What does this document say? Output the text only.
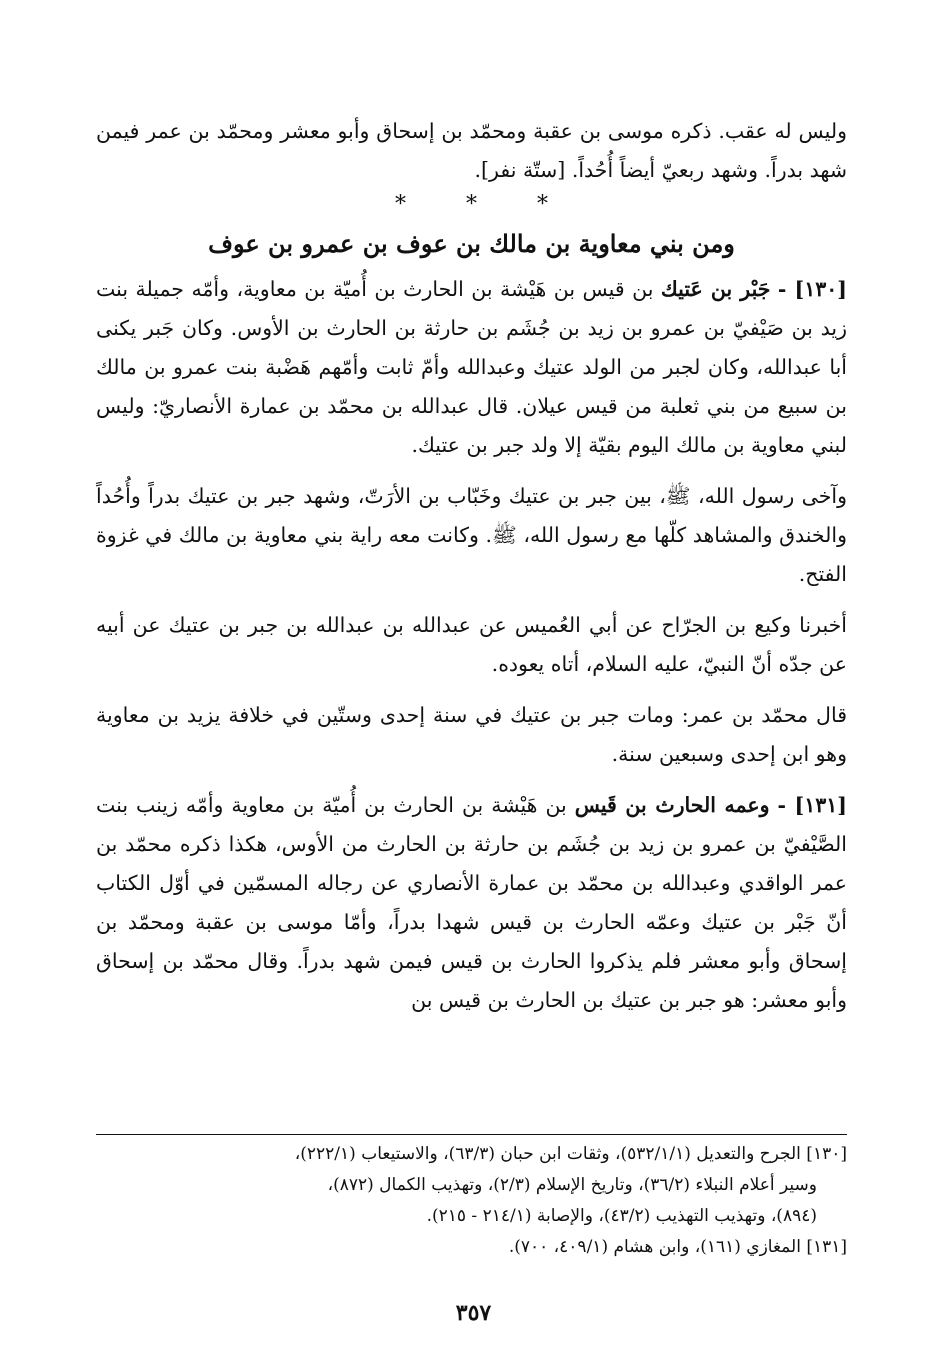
وليس له عقب. ذكره موسى بن عقبة ومحمّد بن إسحاق وأبو معشر ومحمّد بن عمر فيمن شهد بدراً. وشهد ربعيّ أيضاً أُحُداً. [ستّة نفر].

*
*
*
ومن بني معاوية بن مالك بن عوف بن عمرو بن عوف

[١٣٠] - جَبْر بن عَتيك بن قيس بن هَيْشة بن الحارث بن أُميّة بن معاوية، وأمّه جميلة بنت زيد بن صَيْفيّ بن عمرو بن زيد بن جُشَم بن حارثة بن الحارث بن الأوس. وكان جَبر يكنى أبا عبدالله، وكان لجبر من الولد عتيك وعبدالله وأمّ ثابت وأمّهم هَضْبة بنت عمرو بن مالك بن سبيع من بني ثعلبة من قيس عيلان. قال عبدالله بن محمّد بن عمارة الأنصاريّ: وليس لبني معاوية بن مالك اليوم بقيّة إلا ولد جبر بن عتيك.

وآخى رسول الله، ﷺ، بين جبر بن عتيك وخَبّاب بن الأرَتّ، وشهد جبر بن عتيك بدراً وأُحُداً والخندق والمشاهد كلّها مع رسول الله، ﷺ. وكانت معه راية بني معاوية بن مالك في غزوة الفتح.

أخبرنا وكيع بن الجرّاح عن أبي العُميس عن عبدالله بن عبدالله بن جبر بن عتيك عن أبيه عن جدّه أنّ النبيّ، عليه السلام، أتاه يعوده.

قال محمّد بن عمر: ومات جبر بن عتيك في سنة إحدى وستّين في خلافة يزيد بن معاوية وهو ابن إحدى وسبعين سنة.

[١٣١] - وعمه الحارث بن قَيس بن هَيْشة بن الحارث بن أُميّة بن معاوية وأمّه زينب بنت الصَّيْفيّ بن عمرو بن زيد بن جُشَم بن حارثة بن الحارث من الأوس، هكذا ذكره محمّد بن عمر الواقدي وعبدالله بن محمّد بن عمارة الأنصاري عن رجاله المسمّين في أوّل الكتاب أنّ جَبْر بن عتيك وعمّه الحارث بن قيس شهدا بدراً، وأمّا موسى بن عقبة ومحمّد بن إسحاق وأبو معشر فلم يذكروا الحارث بن قيس فيمن شهد بدراً. وقال محمّد بن إسحاق وأبو معشر: هو جبر بن عتيك بن الحارث بن قيس بن

[١٣٠] الجرح والتعديل (٥٣٢/١/١)، وثقات ابن حبان (٦٣/٣)، والاستيعاب (٢٢٢/١)،

وسير أعلام النبلاء (٣٦/٢)، وتاريخ الإسلام (٢/٣)، وتهذيب الكمال (٨٧٢)،

(٨٩٤)، وتهذيب التهذيب (٤٣/٢)، والإصابة (٢١٤/١ - ٢١٥).

[١٣١] المغازي (١٦١)، وابن هشام (٤٠٩/١، ٧٠٠).

٣٥٧
